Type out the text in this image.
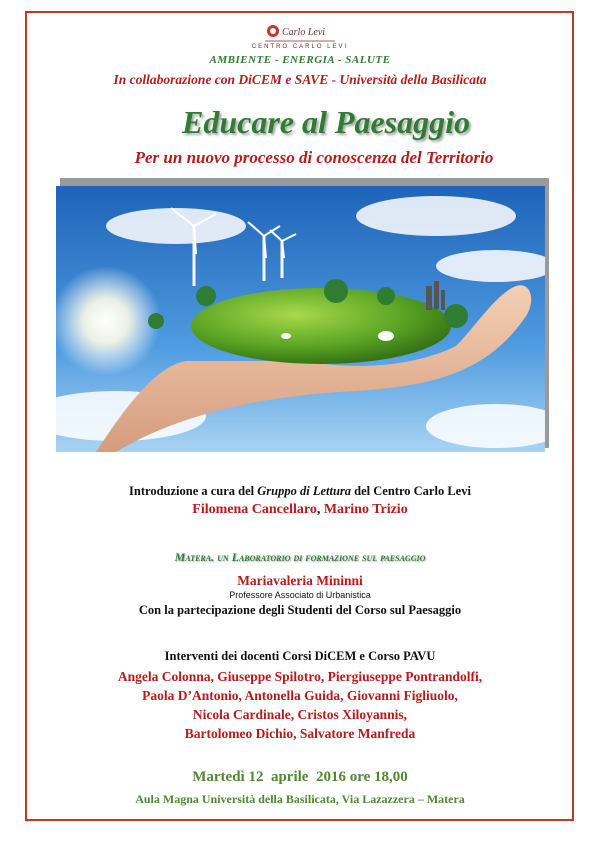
Carlo Levi
CENTRO CARLO LEVI
AMBIENTE - ENERGIA - SALUTE
In collaborazione con DiCEM e SAVE - Università della Basilicata
Educare al Paesaggio
Per un nuovo processo di conoscenza del Territorio
Introduzione a cura del Gruppo di Lettura del Centro Carlo Levi
Filomena Cancellaro, Marino Trizio
Matera. un Laboratorio di formazione sul paesaggio
Mariavaleria Mininni
Professore Associato di Urbanistica
Con la partecipazione degli Studenti del Corso sul Paesaggio
Interventi dei docenti Corsi DiCEM e Corso PAVU
Angela Colonna, Giuseppe Spilotro, Piergiuseppe Pontrandolfi,
Paola D’Antonio, Antonella Guida, Giovanni Figliuolo,
Nicola Cardinale, Cristos Xiloyannis,
Bartolomeo Dichio, Salvatore Manfreda
Martedì 12  aprile  2016 ore 18,00
Aula Magna Università della Basilicata, Via Lazazzera – Matera
